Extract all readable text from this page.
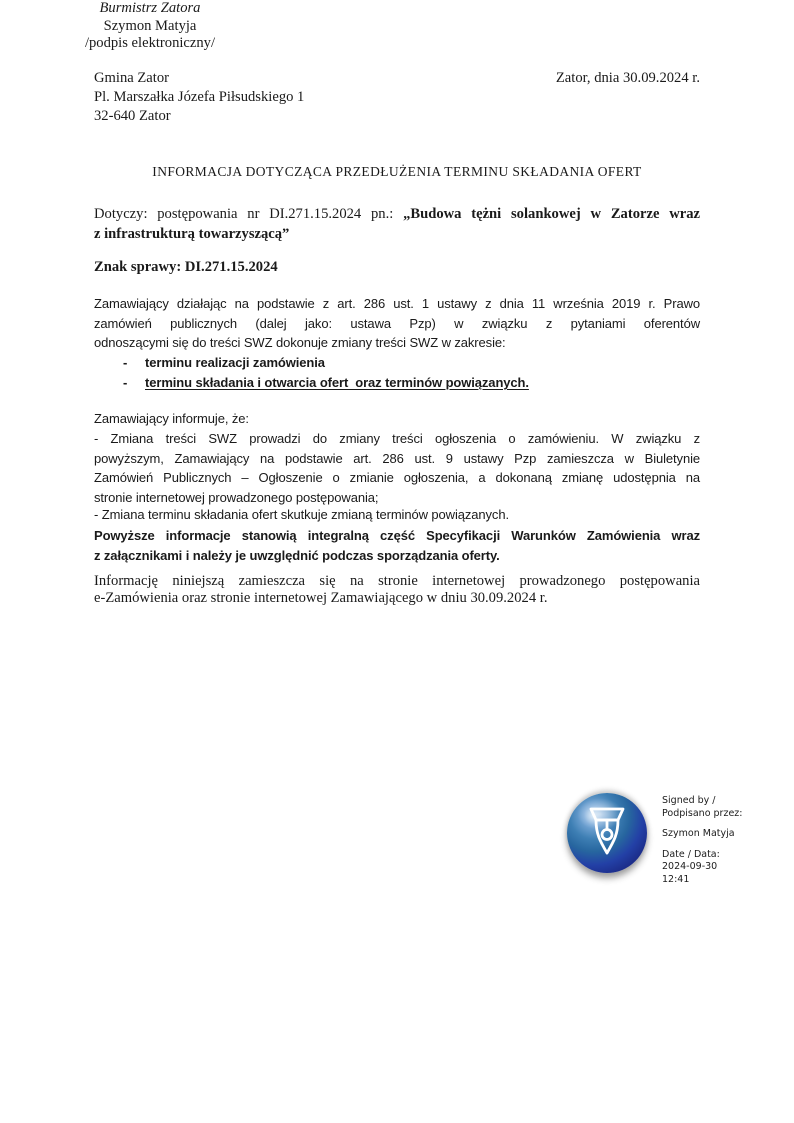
Gmina Zator
Pl. Marszałka Józefa Piłsudskiego 1
32-640 Zator
Zator, dnia 30.09.2024 r.
INFORMACJA DOTYCZĄCA PRZEDŁUŻENIA TERMINU SKŁADANIA OFERT
Dotyczy: postępowania nr DI.271.15.2024 pn.: „Budowa tężni solankowej w Zatorze wraz
z infrastrukturą towarzyszącą”
Znak sprawy: DI.271.15.2024
Zamawiający działając na podstawie z art. 286 ust. 1 ustawy z dnia 11 września 2019 r. Prawo
zamówień publicznych (dalej jako: ustawa Pzp) w związku z pytaniami oferentów
odnoszącymi się do treści SWZ dokonuje zmiany treści SWZ w zakresie:
-	terminu realizacji zamówienia
-	terminu składania i otwarcia ofert  oraz terminów powiązanych.
Zamawiający informuje, że:
- Zmiana treści SWZ prowadzi do zmiany treści ogłoszenia o zamówieniu. W związku z
powyższym, Zamawiający na podstawie art. 286 ust. 9 ustawy Pzp zamieszcza w Biuletynie
Zamówień Publicznych – Ogłoszenie o zmianie ogłoszenia, a dokonaną zmianę udostępnia na
stronie internetowej prowadzonego postępowania;
- Zmiana terminu składania ofert skutkuje zmianą terminów powiązanych.
Powyższe informacje stanowią integralną część Specyfikacji Warunków Zamówienia wraz
z załącznikami i należy je uwzględnić podczas sporządzania oferty.
Informację niniejszą zamieszcza się na stronie internetowej prowadzonego postępowania
e-Zamówienia oraz stronie internetowej Zamawiającego w dniu 30.09.2024 r.
Burmistrz Zatora
Szymon Matyja
/podpis elektroniczny/
Signed by /
Podpisano przez:
Szymon Matyja
Date / Data:
2024-09-30
12:41
